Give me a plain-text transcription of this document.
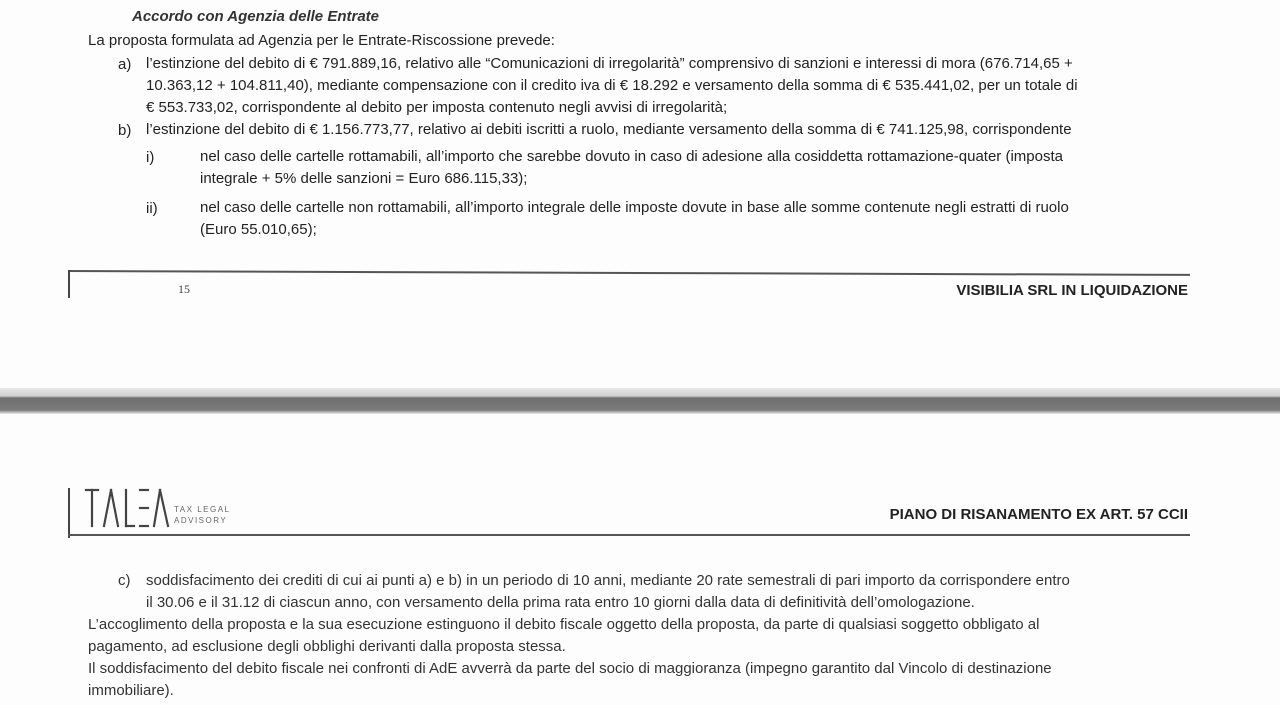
Accordo con Agenzia delle Entrate
La proposta formulata ad Agenzia per le Entrate-Riscossione prevede:
a) l’estinzione del debito di € 791.889,16, relativo alle “Comunicazioni di irregolarità” comprensivo di sanzioni e interessi di mora (676.714,65 +
10.363,12 + 104.811,40), mediante compensazione con il credito iva di € 18.292 e versamento della somma di € 535.441,02, per un totale di
€ 553.733,02, corrispondente al debito per imposta contenuto negli avvisi di irregolarità;
b) l’estinzione del debito di € 1.156.773,77, relativo ai debiti iscritti a ruolo, mediante versamento della somma di € 741.125,98, corrispondente
i)	nel caso delle cartelle rottamabili, all’importo che sarebbe dovuto in caso di adesione alla cosiddetta rottamazione-quater (imposta
integrale + 5% delle sanzioni = Euro 686.115,33);
ii)	nel caso delle cartelle non rottamabili, all’importo integrale delle imposte dovute in base alle somme contenute negli estratti di ruolo
(Euro 55.010,65);
15	VISIBILIA SRL IN LIQUIDAZIONE
TAX LEGAL
ADVISORY	PIANO DI RISANAMENTO EX ART. 57 CCII
c) soddisfacimento dei crediti di cui ai punti a) e b) in un periodo di 10 anni, mediante 20 rate semestrali di pari importo da corrispondere entro
il 30.06 e il 31.12 di ciascun anno, con versamento della prima rata entro 10 giorni dalla data di definitività dell’omologazione.
L’accoglimento della proposta e la sua esecuzione estinguono il debito fiscale oggetto della proposta, da parte di qualsiasi soggetto obbligato al
pagamento, ad esclusione degli obblighi derivanti dalla proposta stessa.
Il soddisfacimento del debito fiscale nei confronti di AdE avverrà da parte del socio di maggioranza (impegno garantito dal Vincolo di destinazione
immobiliare).
